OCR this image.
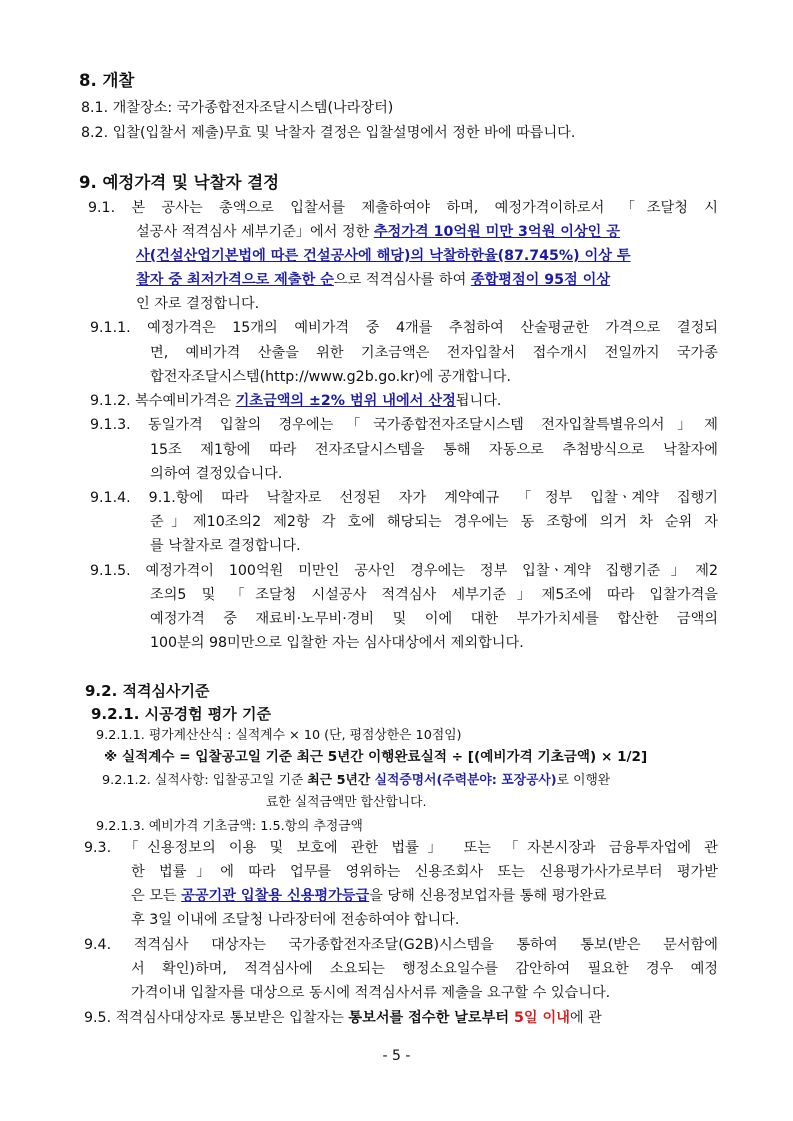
8. 개찰
8.1. 개찰장소: 국가종합전자조달시스템(나라장터)
8.2. 입찰(입찰서 제출)무효 및 낙찰자 결정은 입찰설명에서 정한 바에 따릅니다.
9. 예정가격 및 낙찰자 결정
9.1. 본 공사는 총액으로 입찰서를 제출하여야 하며, 예정가격이하로서 「조달청 시
설공사 적격심사 세부기준」에서 정한 추정가격 10억원 미만 3억원 이상인 공
사(건설산업기본법에 따른 건설공사에 해당)의 낙찰하한율(87.745%) 이상 투
찰자 중 최저가격으로 제출한 순으로 적격심사를 하여 종합평점이 95점 이상
인 자로 결정합니다.
9.1.1. 예정가격은 15개의 예비가격 중 4개를 추첨하여 산술평균한 가격으로 결정되
면, 예비가격 산출을 위한 기초금액은 전자입찰서 접수개시 전일까지 국가종
합전자조달시스템(http://www.g2b.go.kr)에 공개합니다.
9.1.2. 복수예비가격은 기초금액의 ±2% 범위 내에서 산정됩니다.
9.1.3. 동일가격 입찰의 경우에는「국가종합전자조달시스템 전자입찰특별유의서」제
15조 제1항에 따라 전자조달시스템을 통해 자동으로 추첨방식으로 낙찰자에
의하여 결정있습니다.
9.1.4. 9.1.항에 따라 낙찰자로 선정된 자가 계약예규 「정부 입찰ㆍ계약 집행기
준」제10조의2 제2항 각 호에 해당되는 경우에는 동 조항에 의거 차 순위 자
를 낙찰자로 결정합니다.
9.1.5. 예정가격이 100억원 미만인 공사인 경우에는 정부 입찰ㆍ계약 집행기준」제2
조의5 및 「조달청 시설공사 적격심사 세부기준」제5조에 따라 입찰가격을
예정가격 중 재료비·노무비·경비 및 이에 대한 부가가치세를 합산한 금액의
100분의 98미만으로 입찰한 자는 심사대상에서 제외합니다.
9.2. 적격심사기준
9.2.1. 시공경험 평가 기준
9.2.1.1. 평가계산산식 : 실적계수 × 10 (단, 평점상한은 10점임)
※ 실적계수 = 입찰공고일 기준 최근 5년간 이행완료실적 ÷ [(예비가격 기초금액) × 1/2]
9.2.1.2. 실적사항: 입찰공고일 기준 최근 5년간 실적증명서(주력분야: 포장공사)로 이행완
료한 실적금액만 합산합니다.
9.2.1.3. 예비가격 기초금액: 1.5.항의 추정금액
9.3. 「신용정보의 이용 및 보호에 관한 법률」 또는 「자본시장과 금융투자업에 관
한 법률」에 따라 업무를 영위하는 신용조회사 또는 신용평가사가로부터 평가받
은 모든 공공기관 입찰용 신용평가등급을 당해 신용정보업자를 통해 평가완료
후 3일 이내에 조달청 나라장터에 전송하여야 합니다.
9.4. 적격심사 대상자는 국가종합전자조달(G2B)시스템을 통하여 통보(받은 문서함에
서 확인)하며, 적격심사에 소요되는 행정소요일수를 감안하여 필요한 경우 예정
가격이내 입찰자를 대상으로 동시에 적격심사서류 제출을 요구할 수 있습니다.
9.5. 적격심사대상자로 통보받은 입찰자는 통보서를 접수한 날로부터 5일 이내에 관
- 5 -
